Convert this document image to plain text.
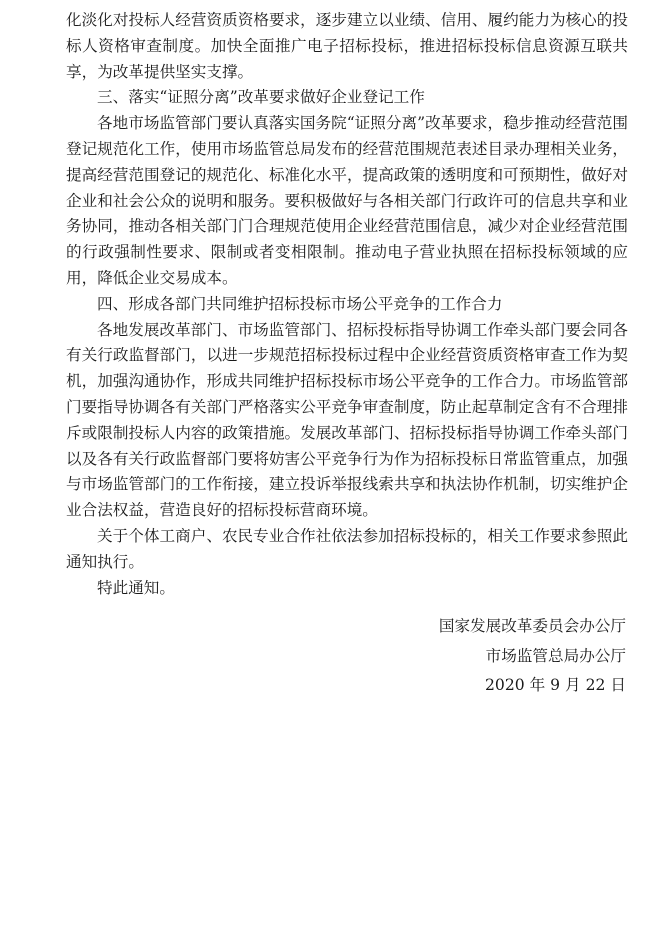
化淡化对投标人经营资质资格要求，逐步建立以业绩、信用、履约能力为核心的投标人资格审查制度。加快全面推广电子招标投标，推进招标投标信息资源互联共享，为改革提供坚实支撑。

三、落实“证照分离”改革要求做好企业登记工作

各地市场监管部门要认真落实国务院“证照分离”改革要求，稳步推动经营范围登记规范化工作，使用市场监管总局发布的经营范围规范表述目录办理相关业务，提高经营范围登记的规范化、标准化水平，提高政策的透明度和可预期性，做好对企业和社会公众的说明和服务。要积极做好与各相关部门行政许可的信息共享和业务协同，推动各相关部门门合理规范使用企业经营范围信息，减少对企业经营范围的行政强制性要求、限制或者变相限制。推动电子营业执照在招标投标领域的应用，降低企业交易成本。

四、形成各部门共同维护招标投标市场公平竞争的工作合力

各地发展改革部门、市场监管部门、招标投标指导协调工作牵头部门要会同各有关行政监督部门，以进一步规范招标投标过程中企业经营资质资格审查工作为契机，加强沟通协作，形成共同维护招标投标市场公平竞争的工作合力。市场监管部门要指导协调各有关部门严格落实公平竞争审查制度，防止起草制定含有不合理排斥或限制投标人内容的政策措施。发展改革部门、招标投标指导协调工作牵头部门以及各有关行政监督部门要将妨害公平竞争行为作为招标投标日常监管重点，加强与市场监管部门的工作衔接，建立投诉举报线索共享和执法协作机制，切实维护企业合法权益，营造良好的招标投标营商环境。

关于个体工商户、农民专业合作社依法参加招标投标的，相关工作要求参照此通知执行。

特此通知。

国家发展改革委员会办公厅
市场监管总局办公厅
2020 年 9 月 22 日
